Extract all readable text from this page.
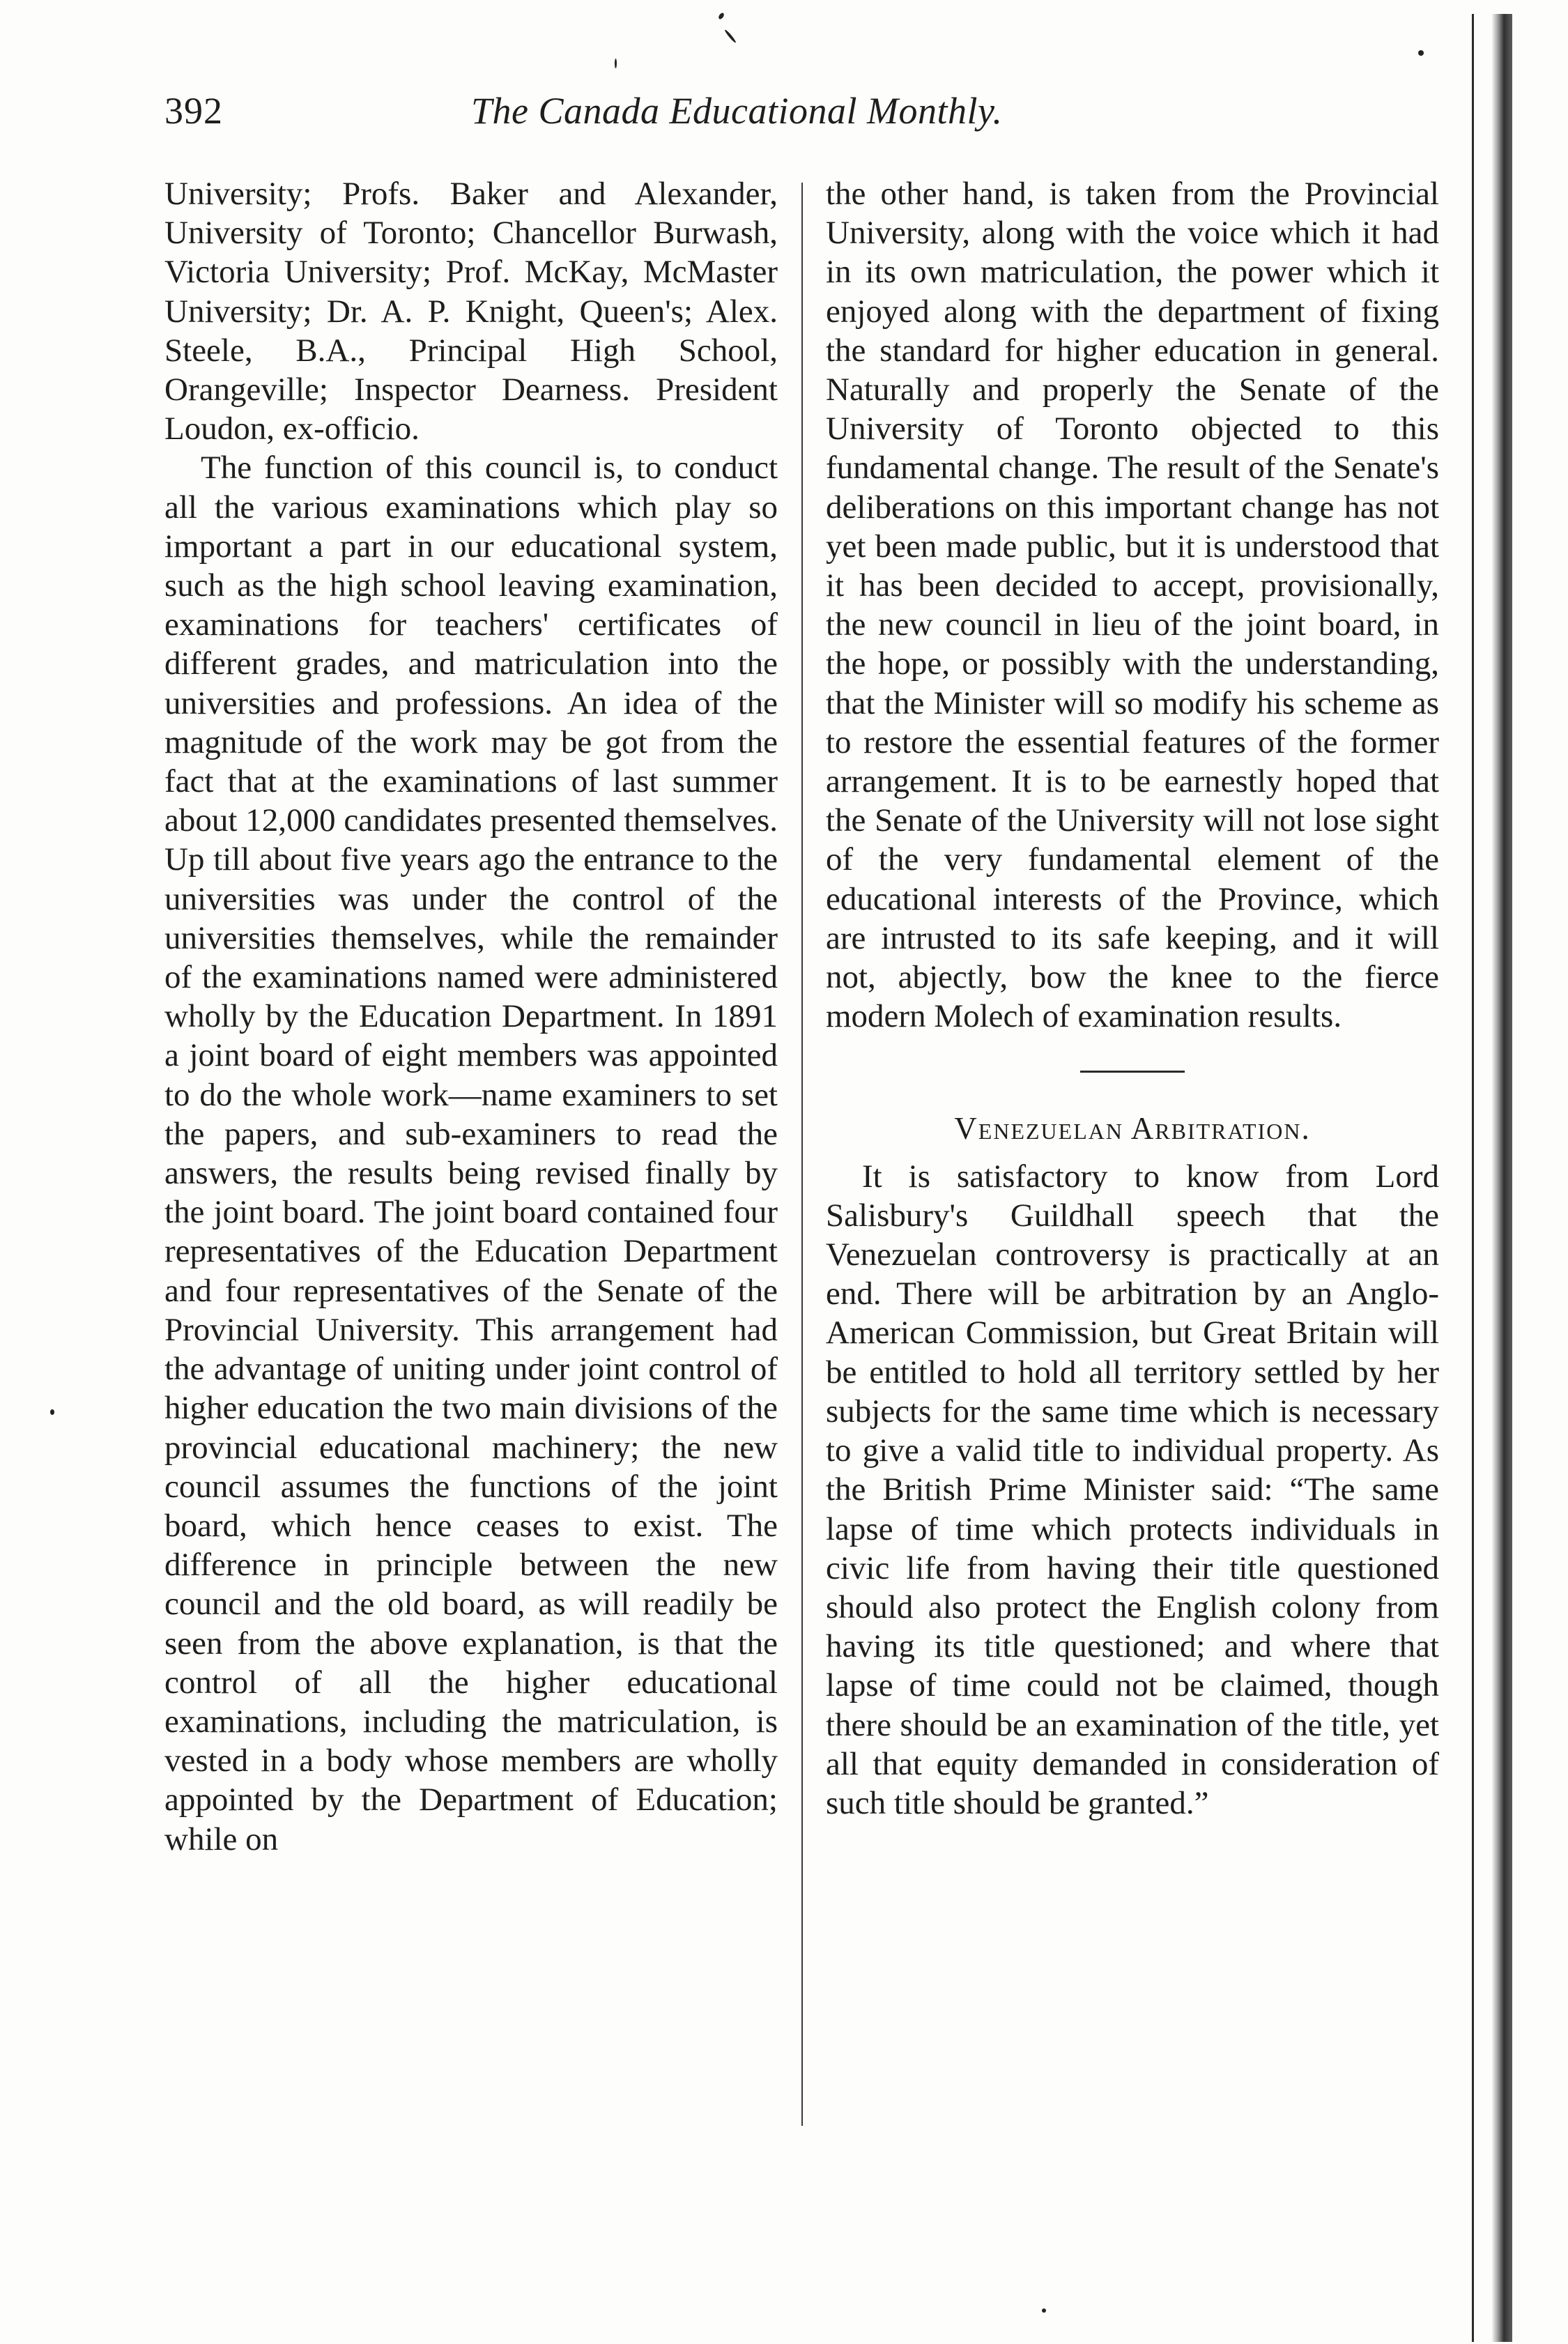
392	The Canada Educational Monthly.

University; Profs. Baker and Alexander, University of Toronto; Chancellor Burwash, Victoria University; Prof. McKay, McMaster University; Dr. A. P. Knight, Queen's; Alex. Steele, B.A., Principal High School, Orangeville; Inspector Dearness. President Loudon, ex-officio.

The function of this council is, to conduct all the various examinations which play so important a part in our educational system, such as the high school leaving examination, examinations for teachers' certificates of different grades, and matriculation into the universities and professions. An idea of the magnitude of the work may be got from the fact that at the examinations of last summer about 12,000 candidates presented themselves. Up till about five years ago the entrance to the universities was under the control of the universities themselves, while the remainder of the examinations named were administered wholly by the Education Department. In 1891 a joint board of eight members was appointed to do the whole work—name examiners to set the papers, and sub-examiners to read the answers, the results being revised finally by the joint board. The joint board contained four representatives of the Education Department and four representatives of the Senate of the Provincial University. This arrangement had the advantage of uniting under joint control of higher education the two main divisions of the provincial educational machinery; the new council assumes the functions of the joint board, which hence ceases to exist. The difference in principle between the new council and the old board, as will readily be seen from the above explanation, is that the control of all the higher educational examinations, including the matriculation, is vested in a body whose members are wholly appointed by the Department of Education; while on

the other hand, is taken from the Provincial University, along with the voice which it had in its own matriculation, the power which it enjoyed along with the department of fixing the standard for higher education in general. Naturally and properly the Senate of the University of Toronto objected to this fundamental change. The result of the Senate's deliberations on this important change has not yet been made public, but it is understood that it has been decided to accept, provisionally, the new council in lieu of the joint board, in the hope, or possibly with the understanding, that the Minister will so modify his scheme as to restore the essential features of the former arrangement. It is to be earnestly hoped that the Senate of the University will not lose sight of the very fundamental element of the educational interests of the Province, which are intrusted to its safe keeping, and it will not, abjectly, bow the knee to the fierce modern Molech of examination results.

Venezuelan Arbitration.

It is satisfactory to know from Lord Salisbury's Guildhall speech that the Venezuelan controversy is practically at an end. There will be arbitration by an Anglo-American Commission, but Great Britain will be entitled to hold all territory settled by her subjects for the same time which is necessary to give a valid title to individual property. As the British Prime Minister said: “The same lapse of time which protects individuals in civic life from having their title questioned should also protect the English colony from having its title questioned; and where that lapse of time could not be claimed, though there should be an examination of the title, yet all that equity demanded in consideration of such title should be granted.”
